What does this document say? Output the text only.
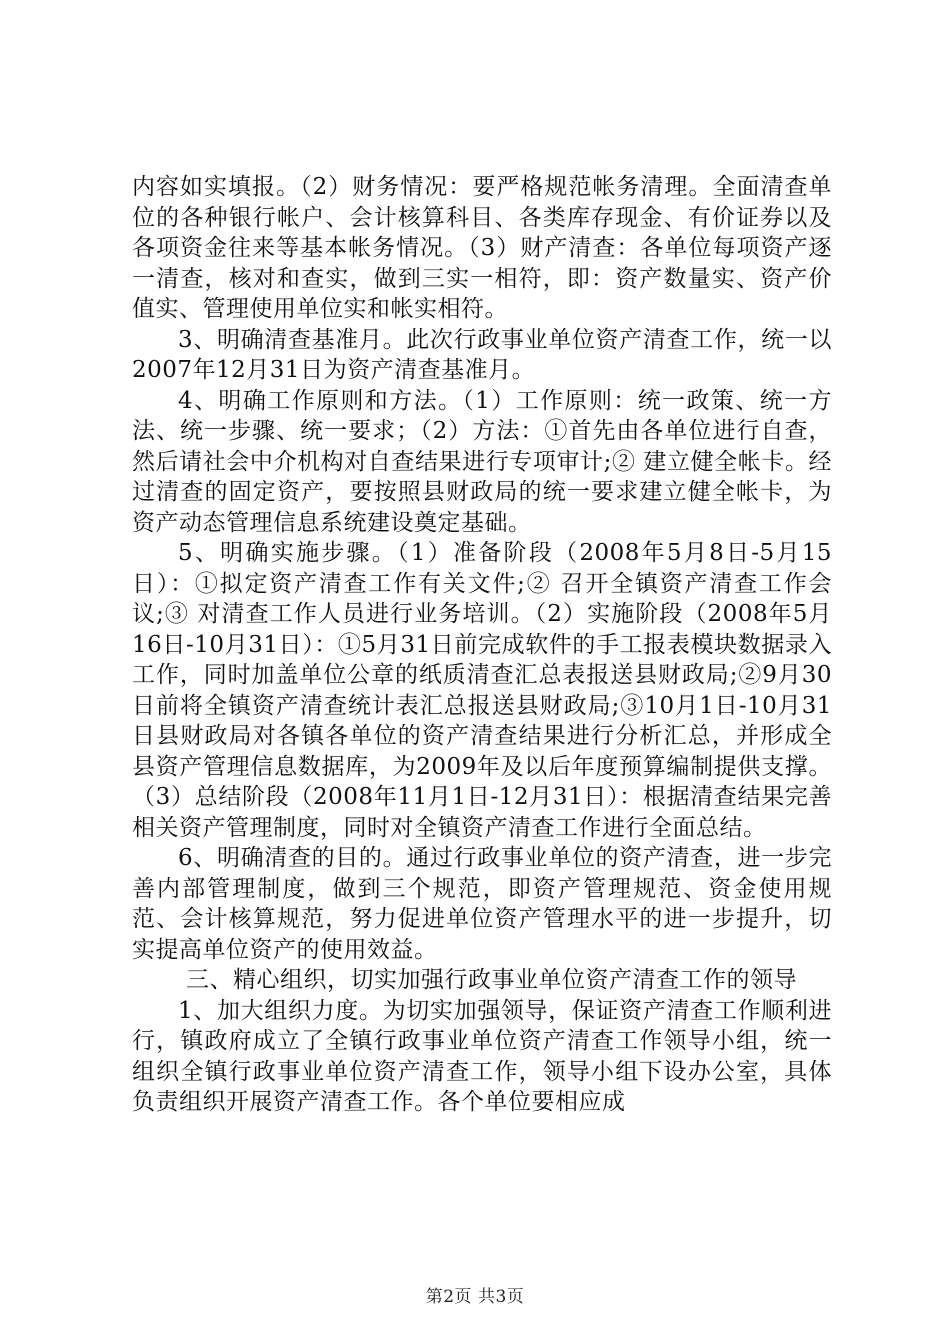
内容如实填报。（2）财务情况：要严格规范帐务清理。全面清查单位的各种银行帐户、会计核算科目、各类库存现金、有价证券以及各项资金往来等基本帐务情况。（3）财产清查：各单位每项资产逐一清查，核对和查实，做到三实一相符，即：资产数量实、资产价值实、管理使用单位实和帐实相符。

3、明确清查基准月。此次行政事业单位资产清查工作，统一以2007年12月31日为资产清查基准月。

4、明确工作原则和方法。（1）工作原则：统一政策、统一方法、统一步骤、统一要求；（2）方法：①首先由各单位进行自查，然后请社会中介机构对自查结果进行专项审计;② 建立健全帐卡。经过清查的固定资产，要按照县财政局的统一要求建立健全帐卡，为资产动态管理信息系统建设奠定基础。

5、明确实施步骤。（1）准备阶段（2008年5月8日-5月15日）：①拟定资产清查工作有关文件;② 召开全镇资产清查工作会议;③ 对清查工作人员进行业务培训。（2）实施阶段（2008年5月16日-10月31日）：①5月31日前完成软件的手工报表模块数据录入工作，同时加盖单位公章的纸质清查汇总表报送县财政局;②9月30日前将全镇资产清查统计表汇总报送县财政局;③10月1日-10月31日县财政局对各镇各单位的资产清查结果进行分析汇总，并形成全县资产管理信息数据库，为2009年及以后年度预算编制提供支撑。（3）总结阶段（2008年11月1日-12月31日）：根据清查结果完善相关资产管理制度，同时对全镇资产清查工作进行全面总结。

6、明确清查的目的。通过行政事业单位的资产清查，进一步完善内部管理制度，做到三个规范，即资产管理规范、资金使用规范、会计核算规范，努力促进单位资产管理水平的进一步提升，切实提高单位资产的使用效益。

三、精心组织，切实加强行政事业单位资产清查工作的领导

1、加大组织力度。为切实加强领导，保证资产清查工作顺利进行，镇政府成立了全镇行政事业单位资产清查工作领导小组，统一组织全镇行政事业单位资产清查工作，领导小组下设办公室，具体负责组织开展资产清查工作。各个单位要相应成

第2页 共3页
